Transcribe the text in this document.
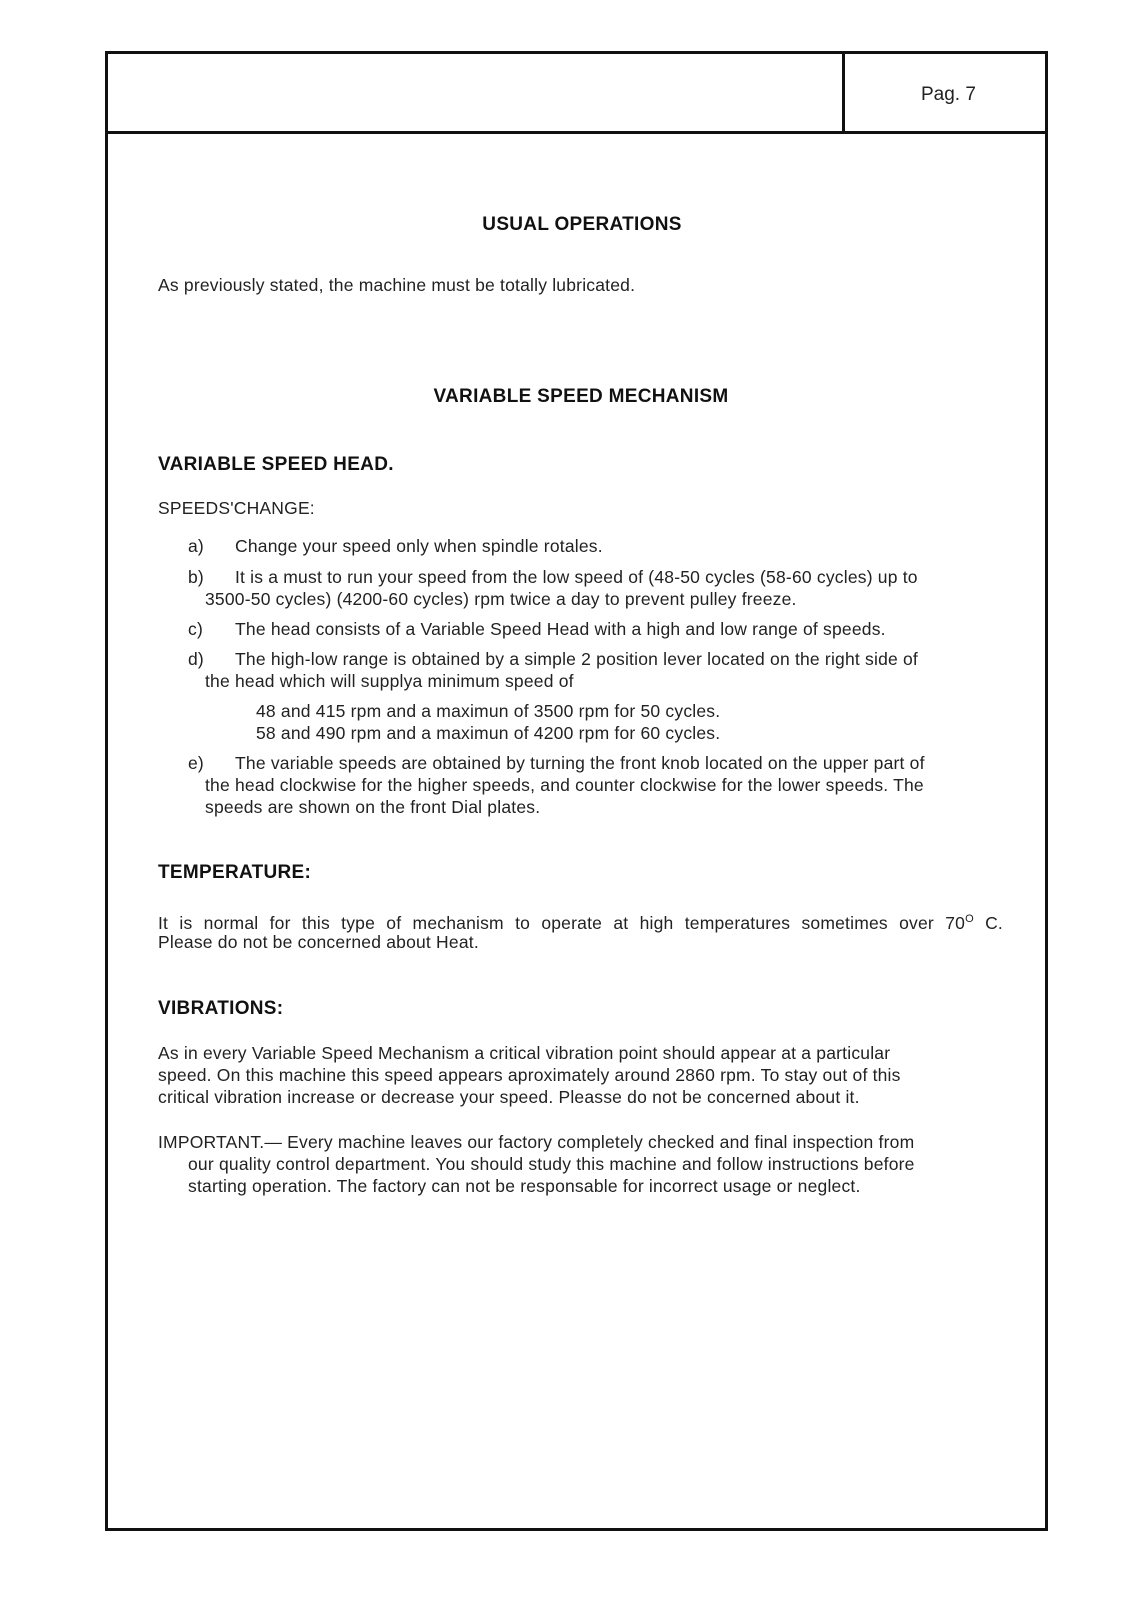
Pag. 7
USUAL OPERATIONS
As previously stated, the machine must be totally lubricated.
VARIABLE SPEED MECHANISM
VARIABLE SPEED HEAD.
SPEEDS'CHANGE:
a) Change your speed only when spindle rotales.
b) It is a must to run your speed from the low speed of (48-50 cycles (58-60 cycles) up to
3500-50 cycles) (4200-60 cycles) rpm twice a day to prevent pulley freeze.
c) The head consists of a Variable Speed Head with a high and low range of speeds.
d) The high-low range is obtained by a simple 2 position lever located on the right side of
the head which will supplya minimum speed of
48 and 415 rpm and a maximun of 3500 rpm for 50 cycles.
58 and 490 rpm and a maximun of 4200 rpm for 60 cycles.
e) The variable speeds are obtained by turning the front knob located on the upper part of
the head clockwise for the higher speeds, and counter clockwise for the lower speeds. The
speeds are shown on the front Dial plates.
TEMPERATURE:
It is normal for this type of mechanism to operate at high temperatures sometimes over $70^O$ C.
Please do not be concerned about Heat.
VIBRATIONS:
As in every Variable Speed Mechanism a critical vibration point should appear at a particular
speed. On this machine this speed appears aproximately around 2860 rpm. To stay out of this
critical vibration increase or decrease your speed. Pleasse do not be concerned about it.
IMPORTANT.— Every machine leaves our factory completely checked and final inspection from
our quality control department. You should study this machine and follow instructions before
starting operation. The factory can not be responsable for incorrect usage or neglect.
